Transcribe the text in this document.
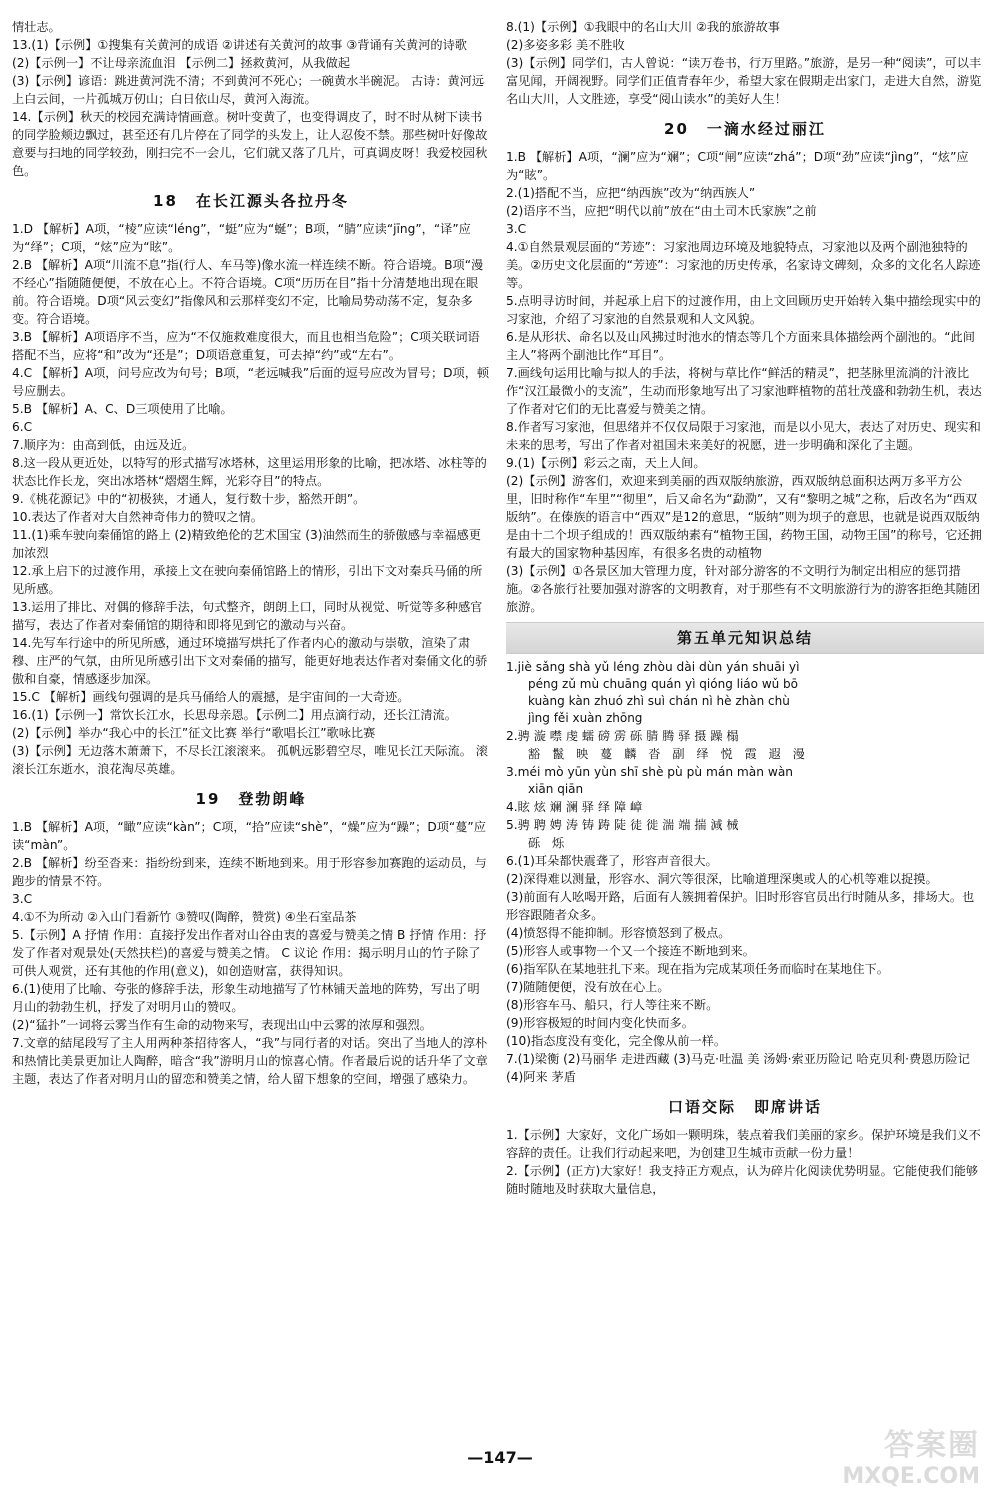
情壮志。

13.(1)【示例】①搜集有关黄河的成语 ②讲述有关黄河的故事 ③背诵有关黄河的诗歌

(2)【示例一】不让母亲流血泪 【示例二】拯救黄河，从我做起

(3)【示例】谚语：跳进黄河洗不清；不到黄河不死心；一碗黄水半碗泥。 古诗：黄河远上白云间，一片孤城万仞山；白日依山尽，黄河入海流。

14.【示例】秋天的校园充满诗情画意。树叶变黄了，也变得调皮了，时不时从树下读书的同学脸颊边飘过，甚至还有几片停在了同学的头发上，让人忍俊不禁。那些树叶好像故意要与扫地的同学较劲，刚扫完不一会儿，它们就又落了几片，可真调皮呀！我爱校园秋色。

18 在长江源头各拉丹冬

1.D 【解析】A项，“棱”应读“léng”，“蜓”应为“蜒”；B项，“腈”应读“jīng”，“译”应为“绎”；C项，“炫”应为“眩”。

2.B 【解析】A项“川流不息”指(行人、车马等)像水流一样连续不断。符合语境。B项“漫不经心”指随随便便，不放在心上。不符合语境。C项“历历在目”指十分清楚地出现在眼前。符合语境。D项“风云变幻”指像风和云那样变幻不定，比喻局势动荡不定，复杂多变。符合语境。

3.B 【解析】A项语序不当，应为“不仅施救难度很大，而且也相当危险”；C项关联词语搭配不当，应将“和”改为“还是”；D项语意重复，可去掉“约”或“左右”。

4.C 【解析】A项，问号应改为句号；B项，“老远喊我”后面的逗号应改为冒号；D项，顿号应删去。

5.B 【解析】A、C、D三项使用了比喻。

6.C

7.顺序为：由高到低，由远及近。

8.这一段从更近处，以特写的形式描写冰塔林，这里运用形象的比喻，把冰塔、冰柱等的状态比作长龙，突出冰塔林“熠熠生辉，光彩夺目”的特点。

9.《桃花源记》中的“初极狭，才通人，复行数十步，豁然开朗”。

10.表达了作者对大自然神奇伟力的赞叹之情。

11.(1)乘车驶向秦俑馆的路上 (2)精致绝伦的艺术国宝 (3)油然而生的骄傲感与幸福感更加浓烈

12.承上启下的过渡作用，承接上文在驶向秦俑馆路上的情形，引出下文对秦兵马俑的所见所感。

13.运用了排比、对偶的修辞手法，句式整齐，朗朗上口，同时从视觉、听觉等多种感官描写，表达了作者对秦俑馆的期待和即将见到它的激动与兴奋。

14.先写车行途中的所见所感，通过环境描写烘托了作者内心的激动与崇敬，渲染了肃穆、庄严的气氛，由所见所感引出下文对秦俑的描写，能更好地表达作者对秦俑文化的骄傲和自豪，情感逐步加深。

15.C 【解析】画线句强调的是兵马俑给人的震撼，是宇宙间的一大奇迹。

16.(1)【示例一】常饮长江水，长思母亲恩。【示例二】用点滴行动，还长江清流。

(2)【示例】举办“我心中的长江”征文比赛 举行“歌唱长江”歌咏比赛

(3)【示例】无边落木萧萧下，不尽长江滚滚来。 孤帆远影碧空尽，唯见长江天际流。 滚滚长江东逝水，浪花淘尽英雄。

19 登勃朗峰

1.B 【解析】A项，“瞰”应读“kàn”；C项，“拾”应读“shè”，“燥”应为“躁”；D项“蔓”应读“màn”。

2.B 【解析】纷至沓来：指纷纷到来，连续不断地到来。用于形容参加赛跑的运动员，与跑步的情景不符。

3.C

4.①不为所动 ②入山门看新竹 ③赞叹(陶醉，赞赏) ④坐石室品茶

5.【示例】A 抒情 作用：直接抒发出作者对山谷由衷的喜爱与赞美之情 B 抒情 作用：抒发了作者对观景处(天然扶栏)的喜爱与赞美之情。 C 议论 作用：揭示明月山的竹子除了可供人观赏，还有其他的作用(意义)，如创造财富，获得知识。

6.(1)使用了比喻、夸张的修辞手法，形象生动地描写了竹林铺天盖地的阵势，写出了明月山的勃勃生机，抒发了对明月山的赞叹。

(2)“猛扑”一词将云雾当作有生命的动物来写，表现出山中云雾的浓厚和强烈。

7.文章的結尾段写了主人用两种茶招待客人，“我”与同行者的对话。突出了当地人的淳朴和热情比美景更加让人陶醉，暗含“我”游明月山的惊喜心情。作者最后说的话升华了文章主题，表达了作者对明月山的留恋和赞美之情，给人留下想象的空间，增强了感染力。

8.(1)【示例】①我眼中的名山大川 ②我的旅游故事

(2)多姿多彩 美不胜收

(3)【示例】同学们，古人曾说：“读万卷书，行万里路。”旅游，是另一种“阅读”，可以丰富见闻，开阔视野。同学们正值青春年少，希望大家在假期走出家门，走进大自然，游览名山大川，人文胜迹，享受“阅山读水”的美好人生！

20 一滴水经过丽江

1.B 【解析】A项，“澜”应为“斓”；C项“闸”应读“zhá”；D项“劲”应读“jìng”，“炫”应为“眩”。

2.(1)搭配不当，应把“纳西族”改为“纳西族人”

(2)语序不当，应把“明代以前”放在“由土司木氏家族”之前

3.C

4.①自然景观层面的“芳迹”：习家池周边环境及地貌特点，习家池以及两个副池独特的美。②历史文化层面的“芳迹”：习家池的历史传承，名家诗文碑刻，众多的文化名人踪迹等。

5.点明寻访时间，并起承上启下的过渡作用，由上文回顾历史开始转入集中描绘现实中的习家池，介绍了习家池的自然景观和人文风貌。

6.是从形状、命名以及山风拂过时池水的情态等几个方面来具体描绘两个副池的。“此间主人”将两个副池比作“耳目”。

7.画线句运用比喻与拟人的手法，将树与草比作“鲜活的精灵”，把茎脉里流淌的汁液比作“汉江最微小的支流”，生动而形象地写出了习家池畔植物的茁壮茂盛和勃勃生机，表达了作者对它们的无比喜爱与赞美之情。

8.作者写习家池，但思绪并不仅仅局限于习家池，而是以小见大，表达了对历史、现实和未来的思考，写出了作者对祖国未来美好的祝愿，进一步明确和深化了主题。

9.(1)【示例】彩云之南，天上人间。

(2)【示例】游客们，欢迎来到美丽的西双版纳旅游，西双版纳总面积达两万多平方公里，旧时称作“车里”“彻里”，后又命名为“勐泐”，又有“黎明之城”之称，后改名为“西双版纳”。在傣族的语言中“西双”是12的意思，“版纳”则为坝子的意思，也就是说西双版纳是由十二个坝子组成的！西双版纳素有“植物王国，药物王国，动物王国”的称号，它还拥有最大的国家物种基因库，有很多名贵的动植物

(3)【示例】①各景区加大管理力度，针对部分游客的不文明行为制定出相应的惩罚措施。②各旅行社要加强对游客的文明教育，对于那些有不文明旅游行为的游客拒绝其随团旅游。

第五单元知识总结

1.jiè sǎng shà yǔ léng zhòu dài dùn yán shuāi yì

péng zǔ mù chuāng quán yì qióng liáo wǔ bō

kuàng kàn zhuó zhì suì chán nì hè zhàn chù

jìng fěi xuàn zhōng

2.骋 漩 噤 虔 蠕 磅 雳 砾 腈 腾 驿 摄 躁 榻

豁 鬣 映 蔓 麟 沓 副 绎 悦 霞 遐 漫

3.méi mò yūn yùn shī shè pù pù mán màn wàn

xiān qiān

4.眩 炫 斓 澜 驿 绎 障 嶂

5.骋 聘 娉 涛 铸 踌 陡 徒 徙 湍 端 揣 減 械

砾 烁

6.(1)耳朵都快震聋了，形容声音很大。

(2)深得难以测量，形容水、洞穴等很深，比喻道理深奥或人的心机等难以捉摸。

(3)前面有人吆喝开路，后面有人簇拥着保护。旧时形容官员出行时随从多，排场大。也形容跟随者众多。

(4)愤怒得不能抑制。形容愤怒到了极点。

(5)形容人或事物一个又一个接连不断地到来。

(6)指军队在某地驻扎下来。现在指为完成某项任务而临时在某地住下。

(7)随随便便，没有放在心上。

(8)形容车马、船只，行人等往来不断。

(9)形容极短的时间内变化快而多。

(10)指态度没有变化，完全像从前一样。

7.(1)梁衡 (2)马丽华 走进西藏 (3)马克·吐温 美 汤姆·索亚历险记 哈克贝利·费恩历险记 (4)阿来 茅盾

口语交际 即席讲话

1.【示例】大家好，文化广场如一颗明珠，装点着我们美丽的家乡。保护环境是我们义不容辞的责任。让我们行动起来吧，为创建卫生城市贡献一份力量！

2.【示例】(正方)大家好！我支持正方观点，认为碎片化阅读优势明显。它能使我们能够随时随地及时获取大量信息，

—147—	答案圈
MXQE.COM
